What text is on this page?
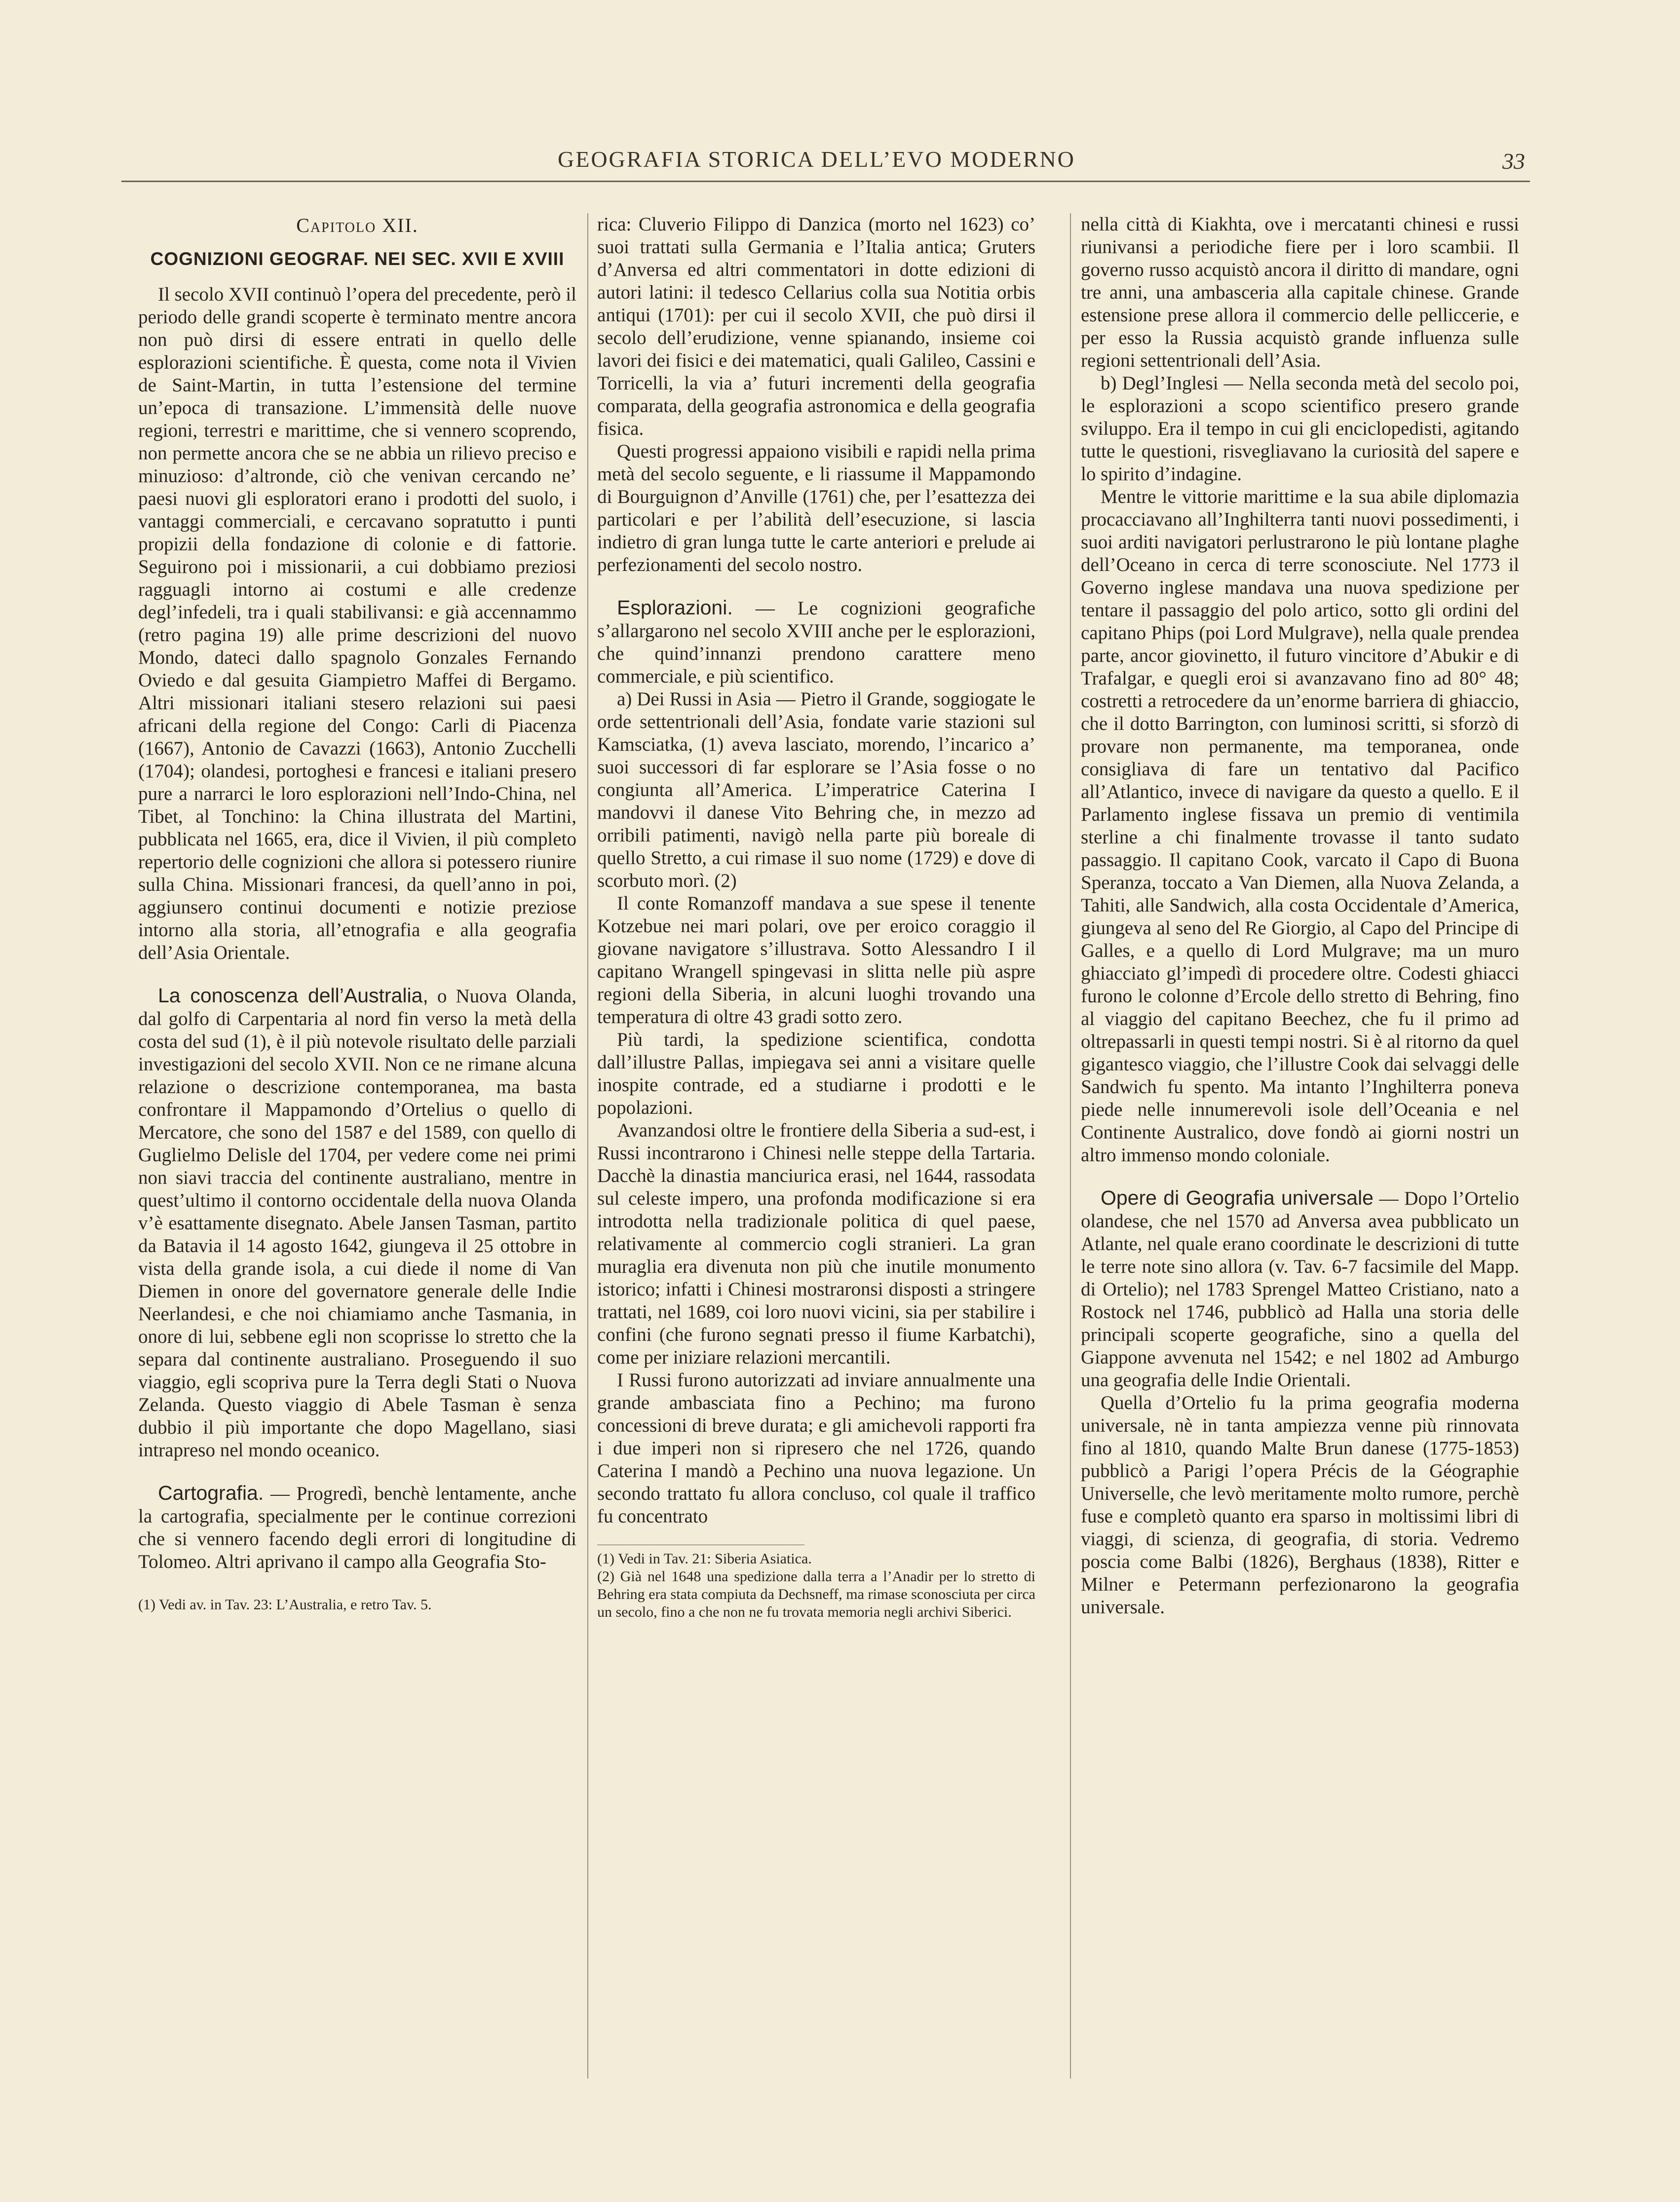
GEOGRAFIA STORICA DELL’EVO MODERNO	33
Capitolo XII.
COGNIZIONI GEOGRAF. NEI SEC. XVII E XVIII

Il secolo XVII continuò l’opera del precedente, però il periodo delle grandi scoperte è terminato mentre ancora non può dirsi di essere entrati in quello delle esplorazioni scientifiche. È questa, come nota il Vivien de Saint-Martin, in tutta l’estensione del termine un’epoca di transazione. L’immensità delle nuove regioni, terrestri e marittime, che si vennero scoprendo, non permette ancora che se ne abbia un rilievo preciso e minuzioso: d’altronde, ciò che venivan cercando ne’ paesi nuovi gli esploratori erano i prodotti del suolo, i vantaggi commerciali, e cercavano sopratutto i punti propizii della fondazione di colonie e di fattorie. Seguirono poi i missionarii, a cui dobbiamo preziosi ragguagli intorno ai costumi e alle credenze degl’infedeli, tra i quali stabilivansi: e già accennammo (retro pagina 19) alle prime descrizioni del nuovo Mondo, dateci dallo spagnolo Gonzales Fernando Oviedo e dal gesuita Giampietro Maffei di Bergamo. Altri missionari italiani stesero relazioni sui paesi africani della regione del Congo: Carli di Piacenza (1667), Antonio de Cavazzi (1663), Antonio Zucchelli (1704); olandesi, portoghesi e francesi e italiani presero pure a narrarci le loro esplorazioni nell’Indo-China, nel Tibet, al Tonchino: la China illustrata del Martini, pubblicata nel 1665, era, dice il Vivien, il più completo repertorio delle cognizioni che allora si potessero riunire sulla China. Missionari francesi, da quell’anno in poi, aggiunsero continui documenti e notizie preziose intorno alla storia, all’etnografia e alla geografia dell’Asia Orientale.

La conoscenza dell’Australia, o Nuova Olanda, dal golfo di Carpentaria al nord fin verso la metà della costa del sud (1), è il più notevole risultato delle parziali investigazioni del secolo XVII. Non ce ne rimane alcuna relazione o descrizione contemporanea, ma basta confrontare il Mappamondo d’Ortelius o quello di Mercatore, che sono del 1587 e del 1589, con quello di Guglielmo Delisle del 1704, per vedere come nei primi non siavi traccia del continente australiano, mentre in quest’ultimo il contorno occidentale della nuova Olanda v’è esattamente disegnato. Abele Jansen Tasman, partito da Batavia il 14 agosto 1642, giungeva il 25 ottobre in vista della grande isola, a cui diede il nome di Van Diemen in onore del governatore generale delle Indie Neerlandesi, e che noi chiamiamo anche Tasmania, in onore di lui, sebbene egli non scoprisse lo stretto che la separa dal continente australiano. Proseguendo il suo viaggio, egli scopriva pure la Terra degli Stati o Nuova Zelanda. Questo viaggio di Abele Tasman è senza dubbio il più importante che dopo Magellano, siasi intrapreso nel mondo oceanico.

Cartografia. — Progredì, benchè lentamente, anche la cartografia, specialmente per le continue correzioni che si vennero facendo degli errori di longitudine di Tolomeo. Altri aprivano il campo alla Geografia Sto-

(1) Vedi av. in Tav. 23: L’Australia, e retro Tav. 5.

rica: Cluverio Filippo di Danzica (morto nel 1623) co’ suoi trattati sulla Germania e l’Italia antica; Gruters d’Anversa ed altri commentatori in dotte edizioni di autori latini: il tedesco Cellarius colla sua Notitia orbis antiqui (1701): per cui il secolo XVII, che può dirsi il secolo dell’erudizione, venne spianando, insieme coi lavori dei fisici e dei matematici, quali Galileo, Cassini e Torricelli, la via a’ futuri incrementi della geografia comparata, della geografia astronomica e della geografia fisica.

Questi progressi appaiono visibili e rapidi nella prima metà del secolo seguente, e li riassume il Mappamondo di Bourguignon d’Anville (1761) che, per l’esattezza dei particolari e per l’abilità dell’esecuzione, si lascia indietro di gran lunga tutte le carte anteriori e prelude ai perfezionamenti del secolo nostro.

Esplorazioni. — Le cognizioni geografiche s’allargarono nel secolo XVIII anche per le esplorazioni, che quind’innanzi prendono carattere meno commerciale, e più scientifico.

a) Dei Russi in Asia — Pietro il Grande, soggiogate le orde settentrionali dell’Asia, fondate varie stazioni sul Kamsciatka, (1) aveva lasciato, morendo, l’incarico a’ suoi successori di far esplorare se l’Asia fosse o no congiunta all’America. L’imperatrice Caterina I mandovvi il danese Vito Behring che, in mezzo ad orribili patimenti, navigò nella parte più boreale di quello Stretto, a cui rimase il suo nome (1729) e dove di scorbuto morì. (2)

Il conte Romanzoff mandava a sue spese il tenente Kotzebue nei mari polari, ove per eroico coraggio il giovane navigatore s’illustrava. Sotto Alessandro I il capitano Wrangell spingevasi in slitta nelle più aspre regioni della Siberia, in alcuni luoghi trovando una temperatura di oltre 43 gradi sotto zero.

Più tardi, la spedizione scientifica, condotta dall’illustre Pallas, impiegava sei anni a visitare quelle inospite contrade, ed a studiarne i prodotti e le popolazioni.

Avanzandosi oltre le frontiere della Siberia a sud-est, i Russi incontrarono i Chinesi nelle steppe della Tartaria. Dacchè la dinastia manciurica erasi, nel 1644, rassodata sul celeste impero, una profonda modificazione si era introdotta nella tradizionale politica di quel paese, relativamente al commercio cogli stranieri. La gran muraglia era divenuta non più che inutile monumento istorico; infatti i Chinesi mostraronsi disposti a stringere trattati, nel 1689, coi loro nuovi vicini, sia per stabilire i confini (che furono segnati presso il fiume Karbatchi), come per iniziare relazioni mercantili.

I Russi furono autorizzati ad inviare annualmente una grande ambasciata fino a Pechino; ma furono concessioni di breve durata; e gli amichevoli rapporti fra i due imperi non si ripresero che nel 1726, quando Caterina I mandò a Pechino una nuova legazione. Un secondo trattato fu allora concluso, col quale il traffico fu concentrato

(1) Vedi in Tav. 21: Siberia Asiatica.

(2) Già nel 1648 una spedizione dalla terra a l’Anadir per lo stretto di Behring era stata compiuta da Dechsneff, ma rimase sconosciuta per circa un secolo, fino a che non ne fu trovata memoria negli archivi Siberici.

nella città di Kiakhta, ove i mercatanti chinesi e russi riunivansi a periodiche fiere per i loro scambii. Il governo russo acquistò ancora il diritto di mandare, ogni tre anni, una ambasceria alla capitale chinese. Grande estensione prese allora il commercio delle pelliccerie, e per esso la Russia acquistò grande influenza sulle regioni settentrionali dell’Asia.

b) Degl’Inglesi — Nella seconda metà del secolo poi, le esplorazioni a scopo scientifico presero grande sviluppo. Era il tempo in cui gli enciclopedisti, agitando tutte le questioni, risvegliavano la curiosità del sapere e lo spirito d’indagine.

Mentre le vittorie marittime e la sua abile diplomazia procacciavano all’Inghilterra tanti nuovi possedimenti, i suoi arditi navigatori perlustrarono le più lontane plaghe dell’Oceano in cerca di terre sconosciute. Nel 1773 il Governo inglese mandava una nuova spedizione per tentare il passaggio del polo artico, sotto gli ordini del capitano Phips (poi Lord Mulgrave), nella quale prendea parte, ancor giovinetto, il futuro vincitore d’Abukir e di Trafalgar, e quegli eroi si avanzavano fino ad 80° 48; costretti a retrocedere da un’enorme barriera di ghiaccio, che il dotto Barrington, con luminosi scritti, si sforzò di provare non permanente, ma temporanea, onde consigliava di fare un tentativo dal Pacifico all’Atlantico, invece di navigare da questo a quello. E il Parlamento inglese fissava un premio di ventimila sterline a chi finalmente trovasse il tanto sudato passaggio. Il capitano Cook, varcato il Capo di Buona Speranza, toccato a Van Diemen, alla Nuova Zelanda, a Tahiti, alle Sandwich, alla costa Occidentale d’America, giungeva al seno del Re Giorgio, al Capo del Principe di Galles, e a quello di Lord Mulgrave; ma un muro ghiacciato gl’impedì di procedere oltre. Codesti ghiacci furono le colonne d’Ercole dello stretto di Behring, fino al viaggio del capitano Beechez, che fu il primo ad oltrepassarli in questi tempi nostri. Si è al ritorno da quel gigantesco viaggio, che l’illustre Cook dai selvaggi delle Sandwich fu spento. Ma intanto l’Inghilterra poneva piede nelle innumerevoli isole dell’Oceania e nel Continente Australico, dove fondò ai giorni nostri un altro immenso mondo coloniale.

Opere di Geografia universale — Dopo l’Ortelio olandese, che nel 1570 ad Anversa avea pubblicato un Atlante, nel quale erano coordinate le descrizioni di tutte le terre note sino allora (v. Tav. 6-7 facsimile del Mapp. di Ortelio); nel 1783 Sprengel Matteo Cristiano, nato a Rostock nel 1746, pubblicò ad Halla una storia delle principali scoperte geografiche, sino a quella del Giappone avvenuta nel 1542; e nel 1802 ad Amburgo una geografia delle Indie Orientali.

Quella d’Ortelio fu la prima geografia moderna universale, nè in tanta ampiezza venne più rinnovata fino al 1810, quando Malte Brun danese (1775-1853) pubblicò a Parigi l’opera Précis de la Géographie Universelle, che levò meritamente molto rumore, perchè fuse e completò quanto era sparso in moltissimi libri di viaggi, di scienza, di geografia, di storia. Vedremo poscia come Balbi (1826), Berghaus (1838), Ritter e Milner e Petermann perfezionarono la geografia universale.
